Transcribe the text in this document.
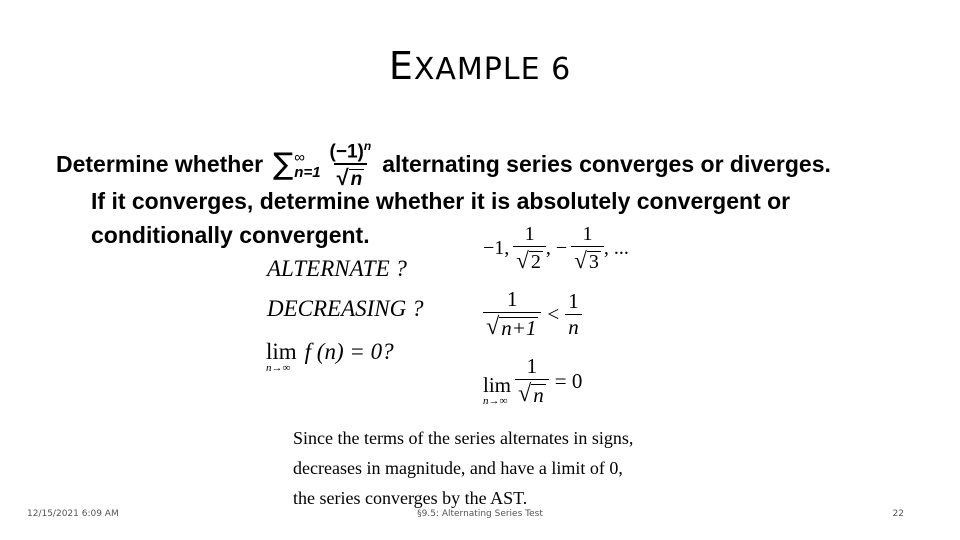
EXAMPLE 6
Determine whether ∑ ∞
$n=1 \frac{(-1)^n}{√ n}$ alternating series converges or diverges.
If it converges, determine whether it is absolutely convergent or
conditionally convergent.
ALTERNATE ?
DECREASING ?
lim
n→∞
f (n) = 0?
−1, $\frac{1}{√ 2}$ , − $\frac{1}{√ 3}$ , ...
$\frac{1}{√ n+1} < \frac{1}{n}$
lim
$n\to\infty \frac{1}{√ n} = 0$
Since the terms of the series alternates in signs,
decreases in magnitude, and have a limit of 0,
the series converges by the AST.
12/15/2021 6:09 AM	§9.5: Alternating Series Test	22
